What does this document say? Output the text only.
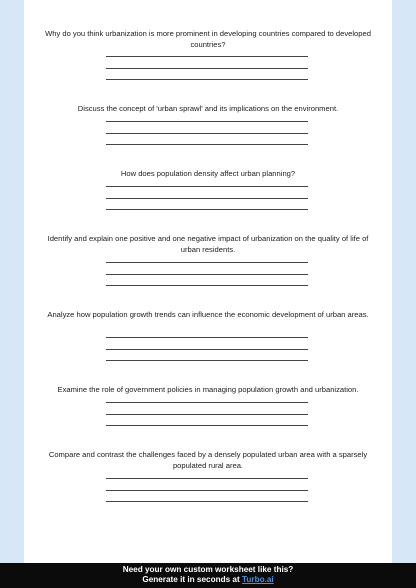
Why do you think urbanization is more prominent in developing countries compared to developed countries?
Discuss the concept of 'urban sprawl' and its implications on the environment.
How does population density affect urban planning?
Identify and explain one positive and one negative impact of urbanization on the quality of life of urban residents.
Analyze how population growth trends can influence the economic development of urban areas.
Examine the role of government policies in managing population growth and urbanization.
Compare and contrast the challenges faced by a densely populated urban area with a sparsely populated rural area.
Need your own custom worksheet like this?
Generate it in seconds at Turbo.ai
